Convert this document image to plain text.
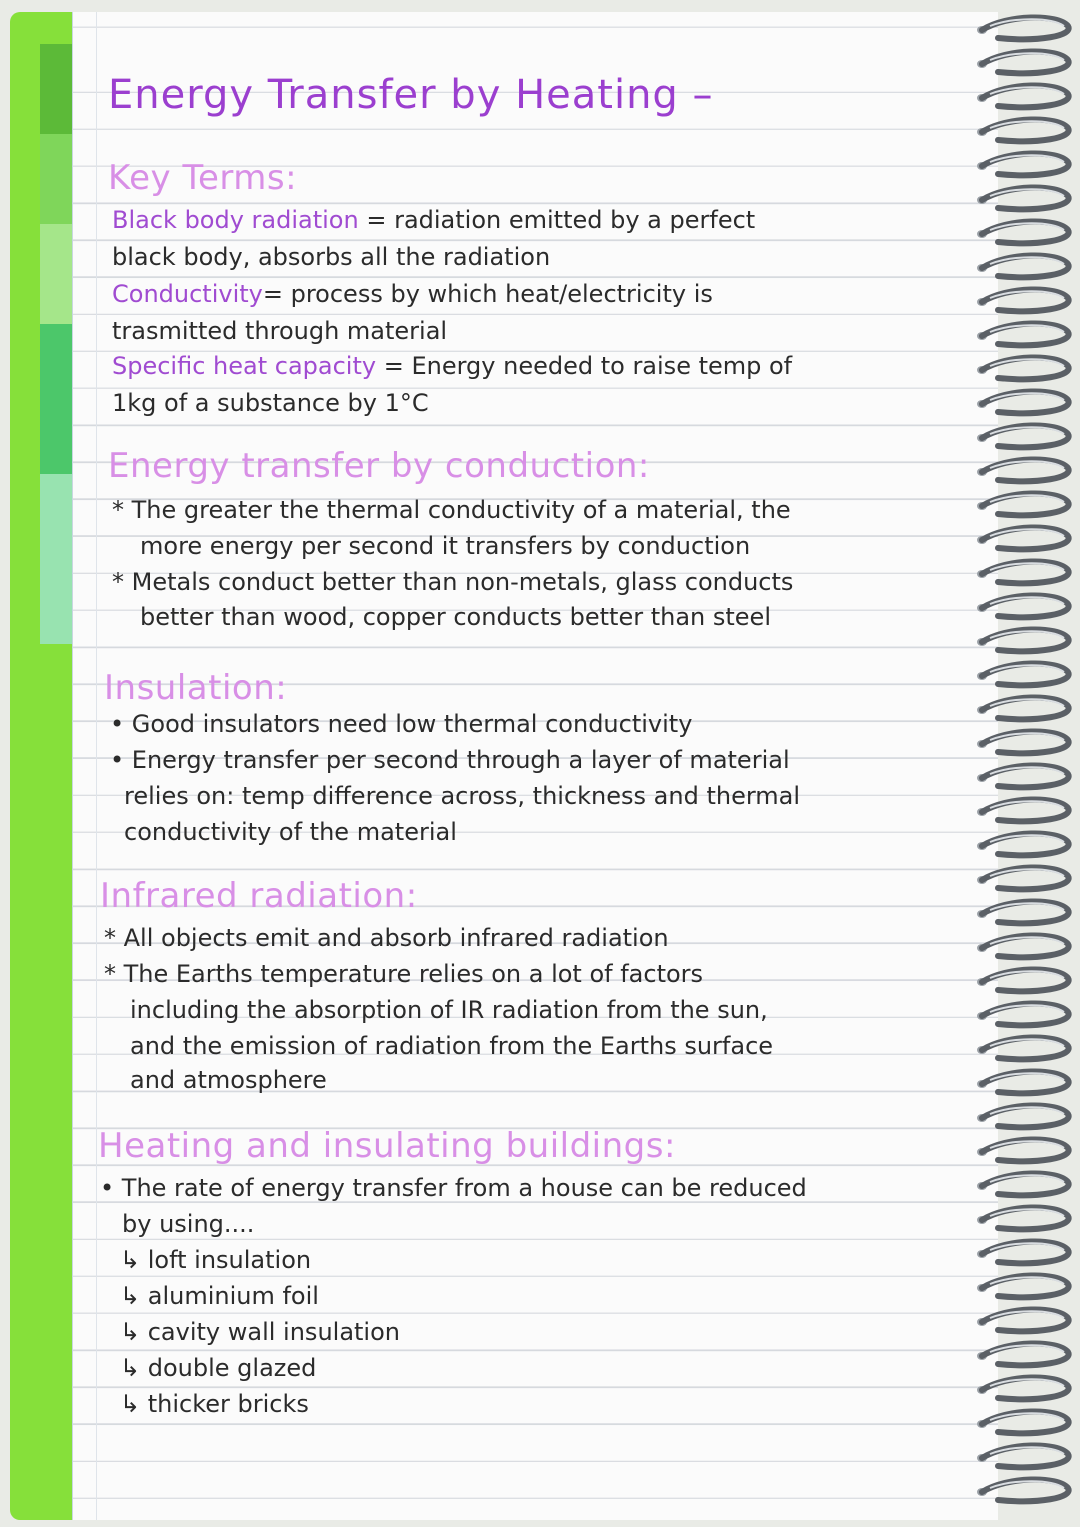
Energy Transfer by Heating –
Key Terms:
Black body radiation = radiation emitted by a perfect
black body, absorbs all the radiation
Conductivity= process by which heat/electricity is
trasmitted through material
Specific heat capacity = Energy needed to raise temp of
1kg of a substance by 1°C
Energy transfer by conduction:
* The greater the thermal conductivity of a material, the
more energy per second it transfers by conduction
* Metals conduct better than non-metals, glass conducts
better than wood, copper conducts better than steel
Insulation:
• Good insulators need low thermal conductivity
• Energy transfer per second through a layer of material
relies on: temp difference across, thickness and thermal
conductivity of the material
Infrared radiation:
* All objects emit and absorb infrared radiation
* The Earths temperature relies on a lot of factors
including the absorption of IR radiation from the sun,
and the emission of radiation from the Earths surface
and atmosphere
Heating and insulating buildings:
• The rate of energy transfer from a house can be reduced
by using....
↳ loft insulation
↳ aluminium foil
↳ cavity wall insulation
↳ double glazed
↳ thicker bricks
